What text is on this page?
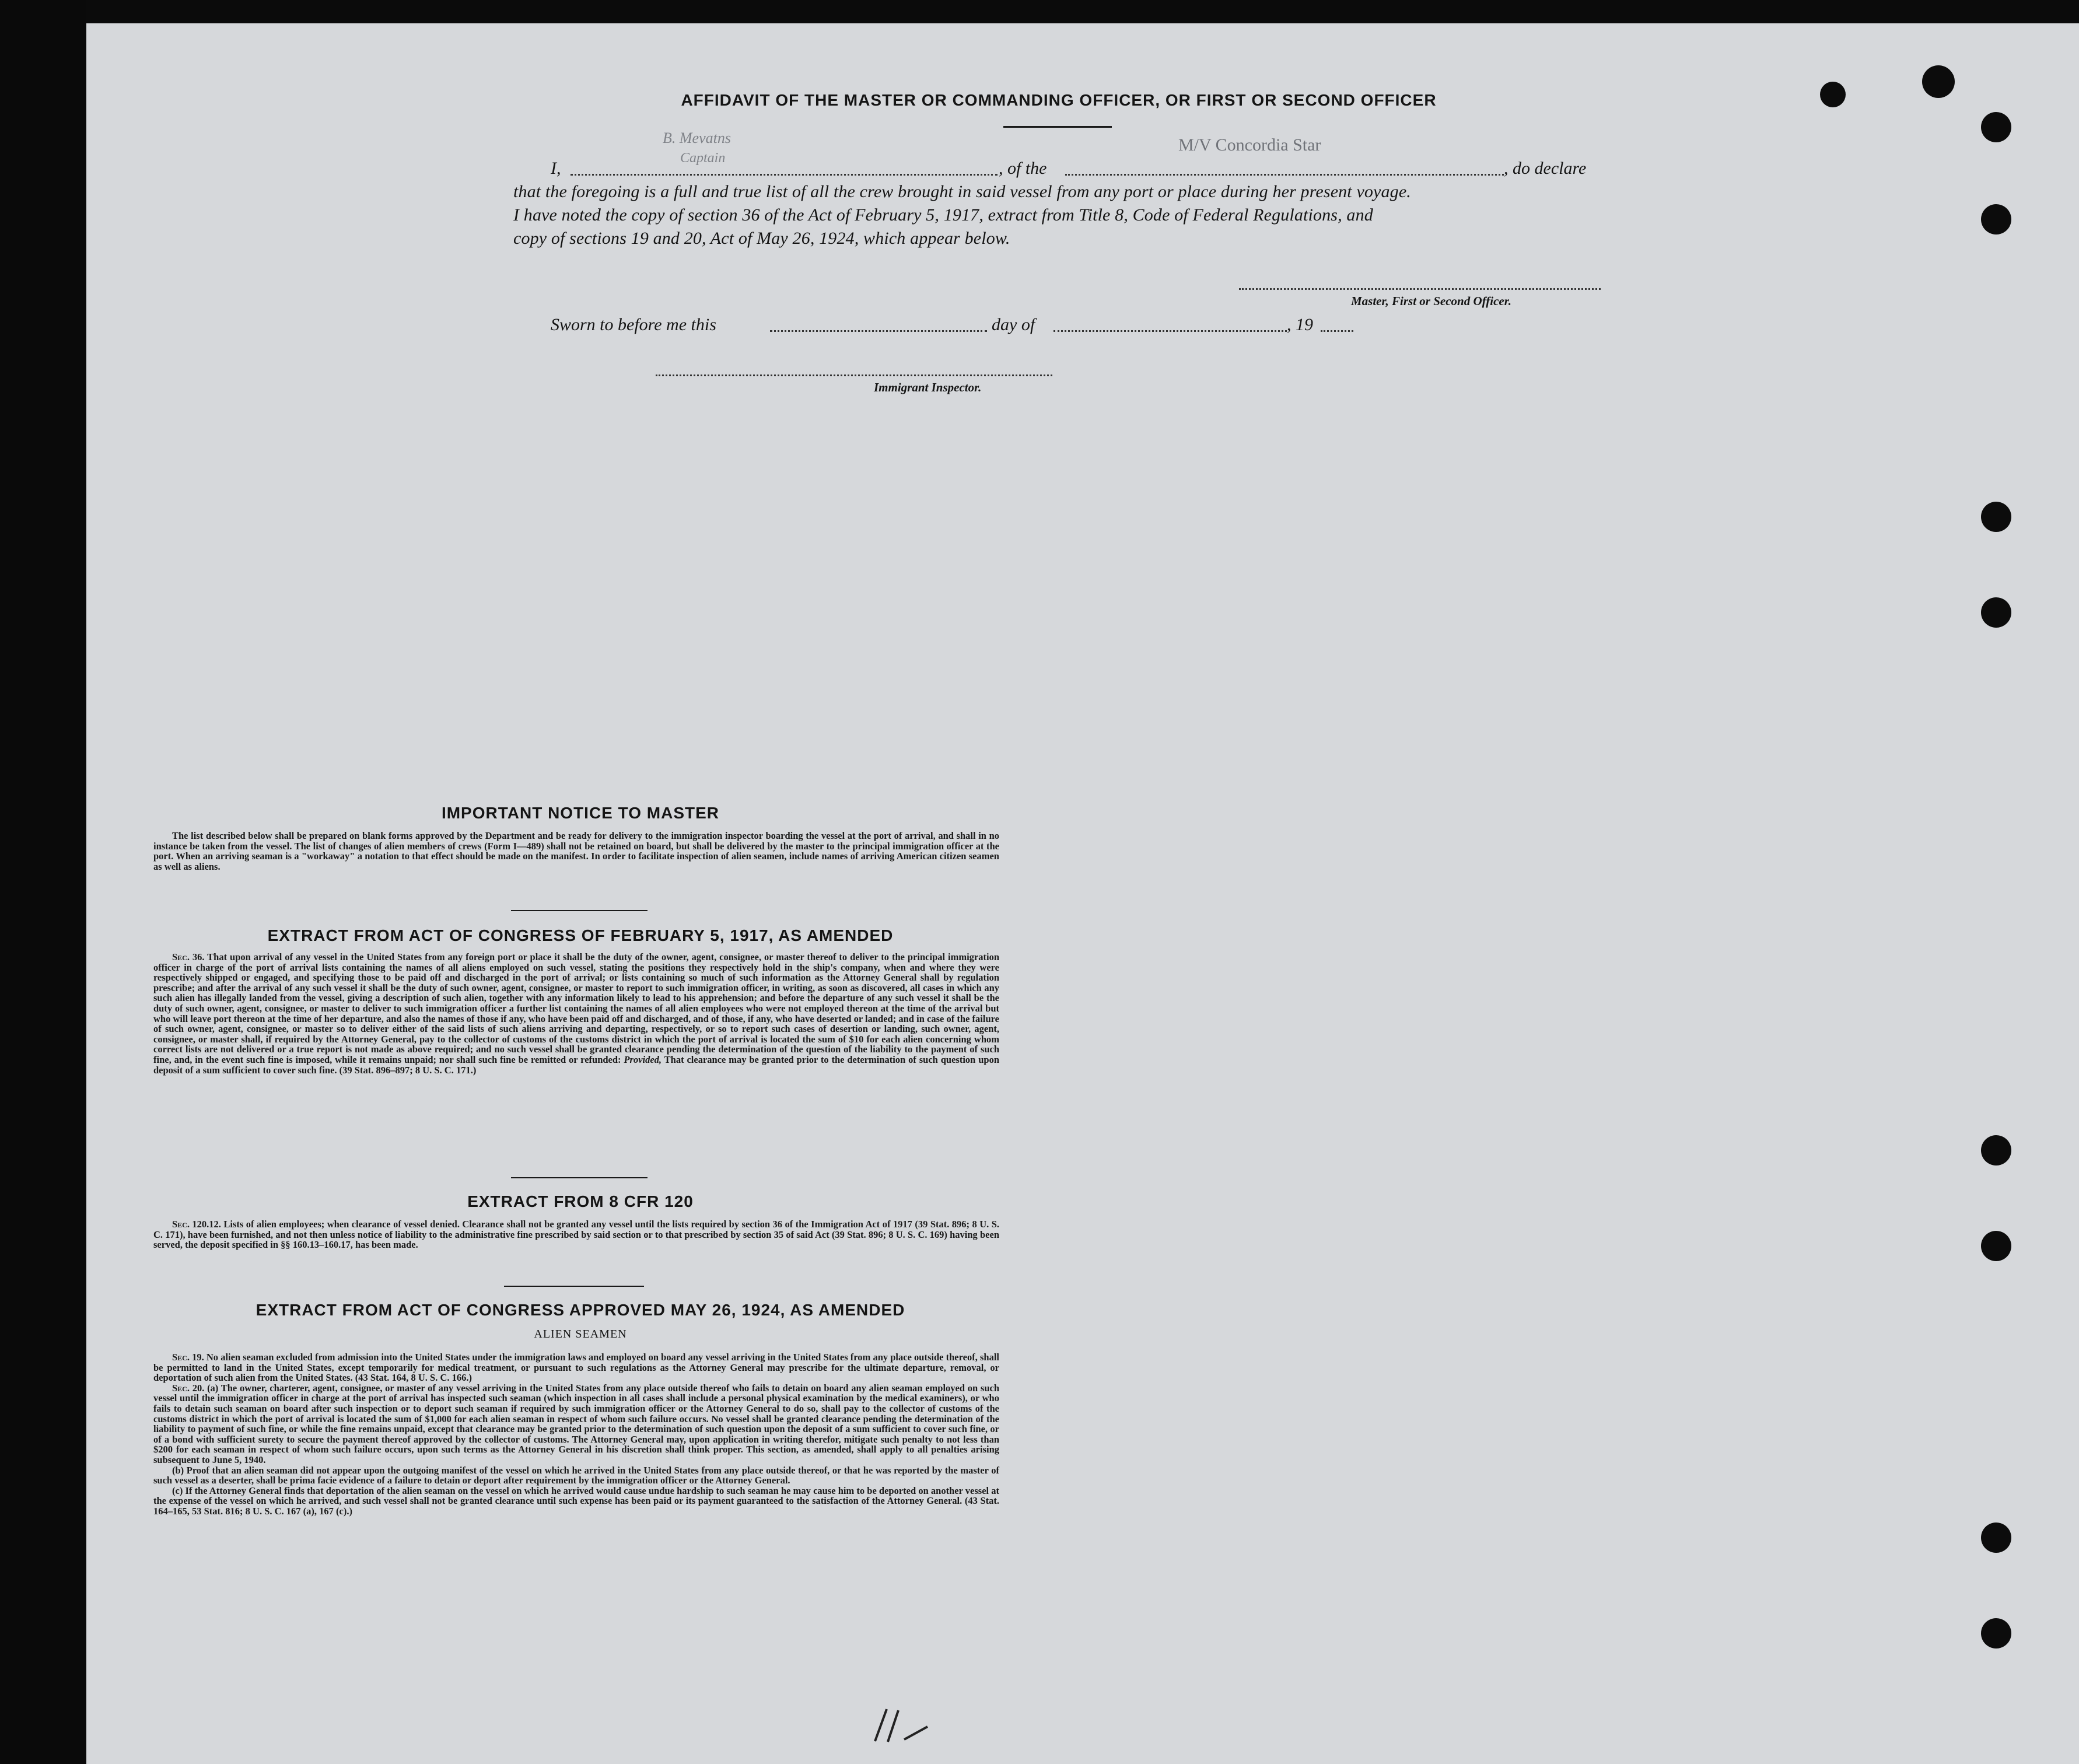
AFFIDAVIT OF THE MASTER OR COMMANDING OFFICER, OR FIRST OR SECOND OFFICER
B. Mevatns
Captain
M/V Concordia Star
I,	, of the	, do declare
that the foregoing is a full and true list of all the crew brought in said vessel from any port or place during her present voyage.
I have noted the copy of section 36 of the Act of February 5, 1917, extract from Title 8, Code of Federal Regulations, and
copy of sections 19 and 20, Act of May 26, 1924, which appear below.
Master, First or Second Officer.
Sworn to before me this	day of	, 19
Immigrant Inspector.
IMPORTANT NOTICE TO MASTER

The list described below shall be prepared on blank forms approved by the Department and be ready for delivery to the immigration inspector boarding the vessel at the port of arrival, and shall in no instance be taken from the vessel. The list of changes of alien members of crews (Form I—489) shall not be retained on board, but shall be delivered by the master to the principal immigration officer at the port. When an arriving seaman is a "workaway" a notation to that effect should be made on the manifest. In order to facilitate inspection of alien seamen, include names of arriving American citizen seamen as well as aliens.

EXTRACT FROM ACT OF CONGRESS OF FEBRUARY 5, 1917, AS AMENDED

Sec. 36. That upon arrival of any vessel in the United States from any foreign port or place it shall be the duty of the owner, agent, consignee, or master thereof to deliver to the principal immigration officer in charge of the port of arrival lists containing the names of all aliens employed on such vessel, stating the positions they respectively hold in the ship's company, when and where they were respectively shipped or engaged, and specifying those to be paid off and discharged in the port of arrival; or lists containing so much of such information as the Attorney General shall by regulation prescribe; and after the arrival of any such vessel it shall be the duty of such owner, agent, consignee, or master to report to such immigration officer, in writing, as soon as discovered, all cases in which any such alien has illegally landed from the vessel, giving a description of such alien, together with any information likely to lead to his apprehension; and before the departure of any such vessel it shall be the duty of such owner, agent, consignee, or master to deliver to such immigration officer a further list containing the names of all alien employees who were not employed thereon at the time of the arrival but who will leave port thereon at the time of her departure, and also the names of those if any, who have been paid off and discharged, and of those, if any, who have deserted or landed; and in case of the failure of such owner, agent, consignee, or master so to deliver either of the said lists of such aliens arriving and departing, respectively, or so to report such cases of desertion or landing, such owner, agent, consignee, or master shall, if required by the Attorney General, pay to the collector of customs of the customs district in which the port of arrival is located the sum of $10 for each alien concerning whom correct lists are not delivered or a true report is not made as above required; and no such vessel shall be granted clearance pending the determination of the question of the liability to the payment of such fine, and, in the event such fine is imposed, while it remains unpaid; nor shall such fine be remitted or refunded: Provided, That clearance may be granted prior to the determination of such question upon deposit of a sum sufficient to cover such fine. (39 Stat. 896–897; 8 U. S. C. 171.)

EXTRACT FROM 8 CFR 120

Sec. 120.12. Lists of alien employees; when clearance of vessel denied. Clearance shall not be granted any vessel until the lists required by section 36 of the Immigration Act of 1917 (39 Stat. 896; 8 U. S. C. 171), have been furnished, and not then unless notice of liability to the administrative fine prescribed by said section or to that prescribed by section 35 of said Act (39 Stat. 896; 8 U. S. C. 169) having been served, the deposit specified in §§ 160.13–160.17, has been made.

EXTRACT FROM ACT OF CONGRESS APPROVED MAY 26, 1924, AS AMENDED
ALIEN SEAMEN

Sec. 19. No alien seaman excluded from admission into the United States under the immigration laws and employed on board any vessel arriving in the United States from any place outside thereof, shall be permitted to land in the United States, except temporarily for medical treatment, or pursuant to such regulations as the Attorney General may prescribe for the ultimate departure, removal, or deportation of such alien from the United States. (43 Stat. 164, 8 U. S. C. 166.)

Sec. 20. (a) The owner, charterer, agent, consignee, or master of any vessel arriving in the United States from any place outside thereof who fails to detain on board any alien seaman employed on such vessel until the immigration officer in charge at the port of arrival has inspected such seaman (which inspection in all cases shall include a personal physical examination by the medical examiners), or who fails to detain such seaman on board after such inspection or to deport such seaman if required by such immigration officer or the Attorney General to do so, shall pay to the collector of customs of the customs district in which the port of arrival is located the sum of $1,000 for each alien seaman in respect of whom such failure occurs. No vessel shall be granted clearance pending the determination of the liability to payment of such fine, or while the fine remains unpaid, except that clearance may be granted prior to the determination of such question upon the deposit of a sum sufficient to cover such fine, or of a bond with sufficient surety to secure the payment thereof approved by the collector of customs. The Attorney General may, upon application in writing therefor, mitigate such penalty to not less than $200 for each seaman in respect of whom such failure occurs, upon such terms as the Attorney General in his discretion shall think proper. This section, as amended, shall apply to all penalties arising subsequent to June 5, 1940.

(b) Proof that an alien seaman did not appear upon the outgoing manifest of the vessel on which he arrived in the United States from any place outside thereof, or that he was reported by the master of such vessel as a deserter, shall be prima facie evidence of a failure to detain or deport after requirement by the immigration officer or the Attorney General.

(c) If the Attorney General finds that deportation of the alien seaman on the vessel on which he arrived would cause undue hardship to such seaman he may cause him to be deported on another vessel at the expense of the vessel on which he arrived, and such vessel shall not be granted clearance until such expense has been paid or its payment guaranteed to the satisfaction of the Attorney General. (43 Stat. 164–165, 53 Stat. 816; 8 U. S. C. 167 (a), 167 (c).)
